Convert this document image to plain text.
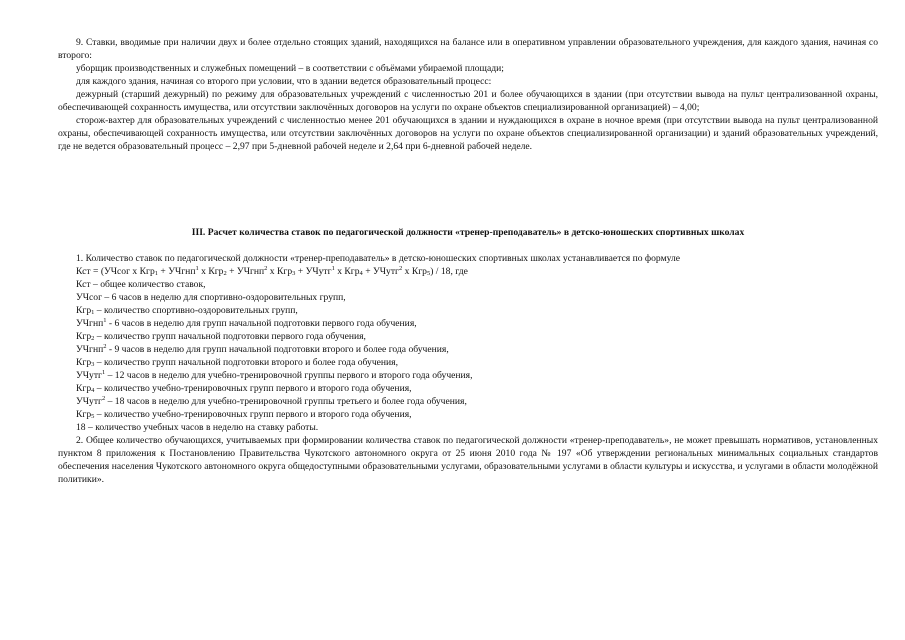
9. Ставки, вводимые при наличии двух и более отдельно стоящих зданий, находящихся на балансе или в оперативном управлении образовательного учреждения, для каждого здания, начиная со второго:

уборщик производственных и служебных помещений – в соответствии с объёмами убираемой площади;

для каждого здания, начиная со второго при условии, что в здании ведется образовательный процесс:

дежурный (старший дежурный) по режиму для образовательных учреждений с численностью 201 и более обучающихся в здании (при отсутствии вывода на пульт централизованной охраны, обеспечивающей сохранность имущества, или отсутствии заключённых договоров на услуги по охране объектов специализированной организацией) – 4,00;

сторож-вахтер для образовательных учреждений с численностью менее 201 обучающихся в здании и нуждающихся в охране в ночное время (при отсутствии вывода на пульт централизованной охраны, обеспечивающей сохранность имущества, или отсутствии заключённых договоров на услуги по охране объектов специализированной организации) и зданий образовательных учреждений, где не ведется образовательный процесс – 2,97 при 5-дневной рабочей неделе и 2,64 при 6-дневной рабочей неделе.

III. Расчет количества ставок по педагогической должности «тренер-преподаватель» в детско-юношеских спортивных школах

1. Количество ставок по педагогической должности «тренер-преподаватель» в детско-юношеских спортивных школах устанавливается по формуле

Кст = (УЧсог х Кгр1 + УЧгнп$^1$ х Кгр2 + УЧгнп$^2$ х Кгр3 + УЧутг$^1$ х Кгр4 + УЧутг$^2$ х Кгр5) / 18, где

Кст – общее количество ставок,

УЧсог – 6 часов в неделю для спортивно-оздоровительных групп,

Кгр1 – количество спортивно-оздоровительных групп,

УЧгнп$^1$ - 6 часов в неделю для групп начальной подготовки первого года обучения,

Кгр2 – количество групп начальной подготовки первого года обучения,

УЧгнп$^2$ - 9 часов в неделю для групп начальной подготовки второго и более года обучения,

Кгр3 – количество групп начальной подготовки второго и более года обучения,

УЧутг$^1$ – 12 часов в неделю для учебно-тренировочной группы первого и второго года обучения,

Кгр4 – количество учебно-тренировочных групп первого и второго года обучения,

УЧутг$^2$ – 18 часов в неделю для учебно-тренировочной группы третьего и более года обучения,

Кгр5 – количество учебно-тренировочных групп первого и второго года обучения,

18 – количество учебных часов в неделю на ставку работы.

2. Общее количество обучающихся, учитываемых при формировании количества ставок по педагогической должности «тренер-преподаватель», не может превышать нормативов, установленных пунктом 8 приложения к Постановлению Правительства Чукотского автономного округа от 25 июня 2010 года № 197 «Об утверждении региональных минимальных социальных стандартов обеспечения населения Чукотского автономного округа общедоступными образовательными услугами, образовательными услугами в области культуры и искусства, и услугами в области молодёжной политики».
